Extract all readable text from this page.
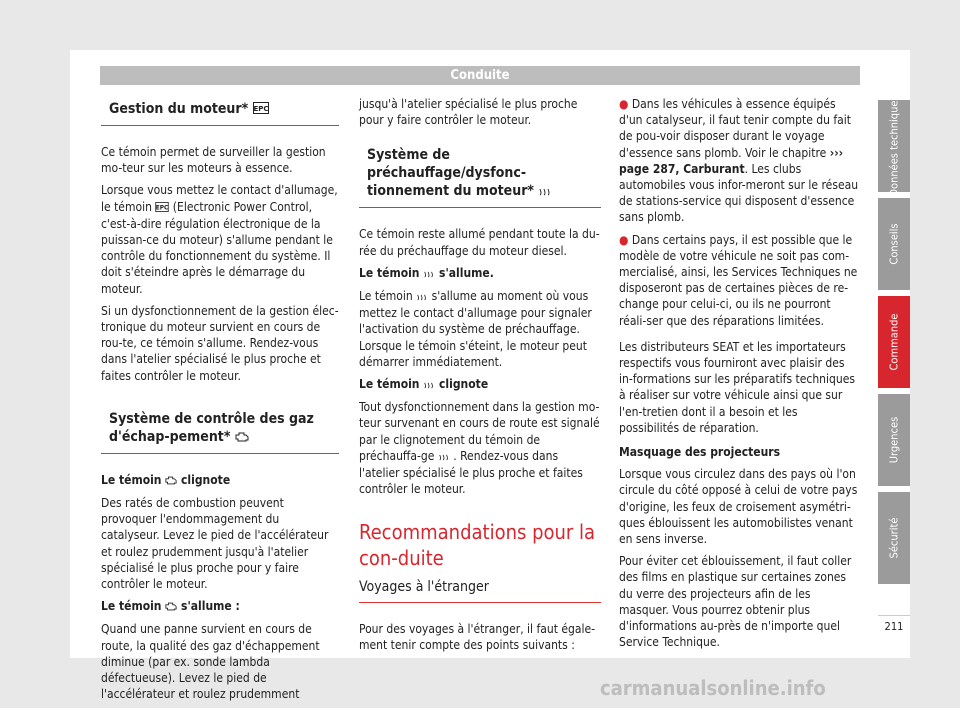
Conduite
Gestion du moteur* EPC

Ce témoin permet de surveiller la gestion mo-teur sur les moteurs à essence.

Lorsque vous mettez le contact d'allumage, le témoin EPC (Electronic Power Control, c'est-à-dire régulation électronique de la puissan-ce du moteur) s'allume pendant le contrôle du fonctionnement du système. Il doit s'éteindre après le démarrage du moteur.

Si un dysfonctionnement de la gestion élec-tronique du moteur survient en cours de rou-te, ce témoin s'allume. Rendez-vous dans l'atelier spécialisé le plus proche et faites contrôler le moteur.

Système de contrôle des gaz d'échap-pement*

Le témoin clignote

Des ratés de combustion peuvent provoquer l'endommagement du catalyseur. Levez le pied de l'accélérateur et roulez prudemment jusqu'à l'atelier spécialisé le plus proche pour y faire contrôler le moteur.

Le témoin s'allume :

Quand une panne survient en cours de route, la qualité des gaz d'échappement diminue (par ex. sonde lambda défectueuse). Levez le pied de l'accélérateur et roulez prudemment

jusqu'à l'atelier spécialisé le plus proche pour y faire contrôler le moteur.

Système de préchauffage/dysfonc-tionnement du moteur*

Ce témoin reste allumé pendant toute la du-rée du préchauffage du moteur diesel.

Le témoin s'allume.

Le témoin s'allume au moment où vous mettez le contact d'allumage pour signaler l'activation du système de préchauffage. Lorsque le témoin s'éteint, le moteur peut démarrer immédiatement.

Le témoin clignote

Tout dysfonctionnement dans la gestion mo-teur survenant en cours de route est signalé par le clignotement du témoin de préchauffa-ge . Rendez-vous dans l'atelier spécialisé le plus proche et faites contrôler le moteur.

Recommandations pour la con-duite
Voyages à l'étranger

Pour des voyages à l'étranger, il faut égale-ment tenir compte des points suivants :

● Dans les véhicules à essence équipés d'un catalyseur, il faut tenir compte du fait de pou-voir disposer durant le voyage d'essence sans plomb. Voir le chapitre ››› page 287, Carburant. Les clubs automobiles vous infor-meront sur le réseau de stations-service qui disposent d'essence sans plomb.

● Dans certains pays, il est possible que le modèle de votre véhicule ne soit pas com-mercialisé, ainsi, les Services Techniques ne disposeront pas de certaines pièces de re-change pour celui-ci, ou ils ne pourront réali-ser que des réparations limitées.

Les distributeurs SEAT et les importateurs respectifs vous fourniront avec plaisir des in-formations sur les préparatifs techniques à réaliser sur votre véhicule ainsi que sur l'en-tretien dont il a besoin et les possibilités de réparation.

Masquage des projecteurs

Lorsque vous circulez dans des pays où l'on circule du côté opposé à celui de votre pays d'origine, les feux de croisement asymétri-ques éblouissent les automobilistes venant en sens inverse.

Pour éviter cet éblouissement, il faut coller des films en plastique sur certaines zones du verre des projecteurs afin de les masquer. Vous pourrez obtenir plus d'informations au-près de n'importe quel Service Technique.

Données techniques
Conseils
Commande
Urgences
Sécurité
211
carmanualsonline.info
